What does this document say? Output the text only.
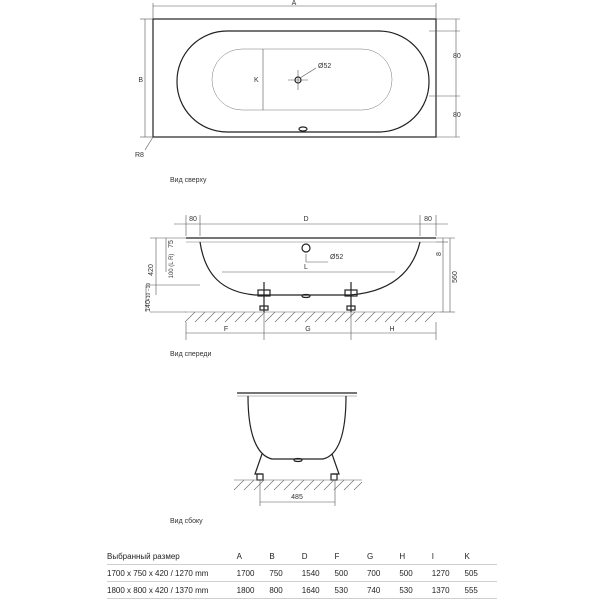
Ø52
A
B	K
R8
80
80
Вид сверху
L
Ø52
80	D	80
420
75
100 (L R)
140
+10 −10
8
560
F	G	H
Вид спереди
485
Вид сбоку
Выбранный размер	A	B	D	F	G	H	I	K
1700 x 750 x 420 / 1270 mm	1700	750	1540	500	700	500	1270	505
1800 x 800 x 420 / 1370 mm	1800	800	1640	530	740	530	1370	555
